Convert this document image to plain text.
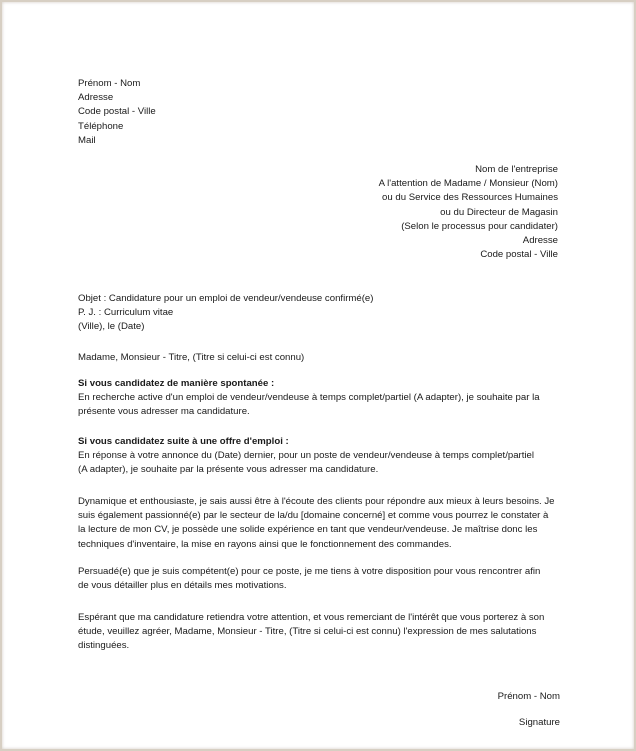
Prénom - Nom
Adresse
Code postal - Ville
Téléphone
Mail
Nom de l'entreprise
A l'attention de Madame / Monsieur (Nom)
ou du Service des Ressources Humaines
ou du Directeur de Magasin
(Selon le processus pour candidater)
Adresse
Code postal - Ville
Objet : Candidature pour un emploi de vendeur/vendeuse confirmé(e)
P. J. : Curriculum vitae
(Ville), le (Date)
Madame, Monsieur - Titre, (Titre si celui-ci est connu)
Si vous candidatez de manière spontanée :
En recherche active d'un emploi de vendeur/vendeuse à temps complet/partiel (A adapter), je souhaite par la
présente vous adresser ma candidature.
Si vous candidatez suite à une offre d'emploi :
En réponse à votre annonce du (Date) dernier, pour un poste de vendeur/vendeuse à temps complet/partiel
(A adapter), je souhaite par la présente vous adresser ma candidature.
Dynamique et enthousiaste, je sais aussi être à l'écoute des clients pour répondre aux mieux à leurs besoins. Je
suis également passionné(e) par le secteur de la/du [domaine concerné] et comme vous pourrez le constater à
la lecture de mon CV, je possède une solide expérience en tant que vendeur/vendeuse. Je maîtrise donc les
techniques d'inventaire, la mise en rayons ainsi que le fonctionnement des commandes.
Persuadé(e) que je suis compétent(e) pour ce poste, je me tiens à votre disposition pour vous rencontrer afin
de vous détailler plus en détails mes motivations.
Espérant que ma candidature retiendra votre attention, et vous remerciant de l'intérêt que vous porterez à son
étude, veuillez agréer, Madame, Monsieur - Titre, (Titre si celui-ci est connu) l'expression de mes salutations
distinguées.
Prénom - Nom
Signature
